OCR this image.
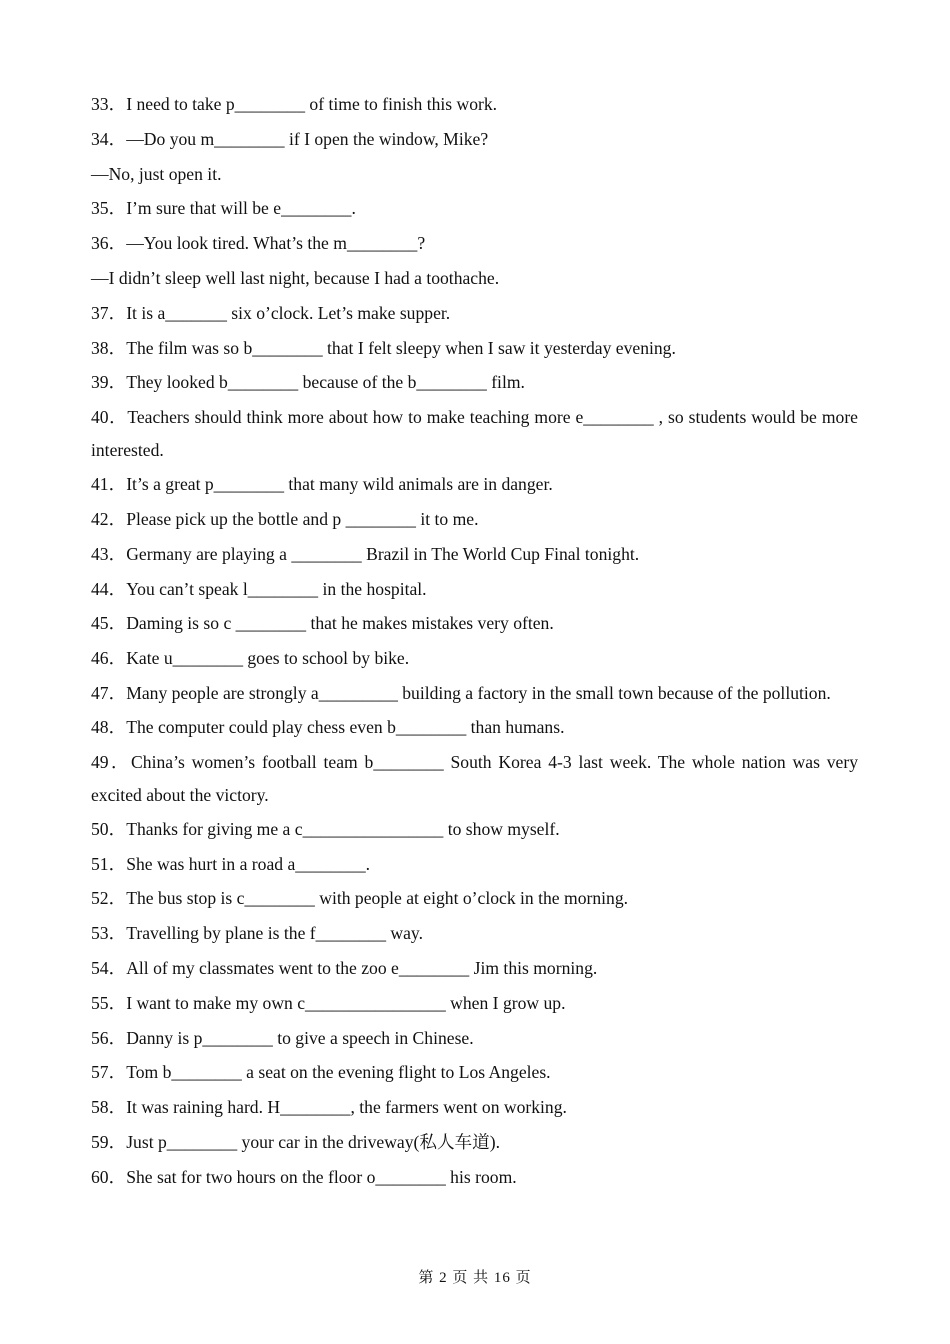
33．I need to take p________ of time to finish this work.
34．—Do you m________ if I open the window, Mike?
—No, just open it.
35．I’m sure that will be e________.
36．—You look tired. What’s the m________?
—I didn’t sleep well last night, because I had a toothache.
37．It is a_______ six o’clock. Let’s make supper.
38．The film was so b________ that I felt sleepy when I saw it yesterday evening.
39．They looked b________ because of the b________ film.
40．Teachers should think more about how to make teaching more e________ , so students would be more interested.
41．It’s a great p________ that many wild animals are in danger.
42．Please pick up the bottle and p ________ it to me.
43．Germany are playing a ________ Brazil in The World Cup Final tonight.
44．You can’t speak l________ in the hospital.
45．Daming is so c ________ that he makes mistakes very often.
46．Kate u________ goes to school by bike.
47．Many people are strongly a_________ building a factory in the small town because of the pollution.
48．The computer could play chess even b________ than humans.
49．China’s women’s football team b________ South Korea 4-3 last week. The whole nation was very excited about the victory.
50．Thanks for giving me a c________________ to show myself.
51．She was hurt in a road a________.
52．The bus stop is c________ with people at eight o’clock in the morning.
53．Travelling by plane is the f________ way.
54．All of my classmates went to the zoo e________ Jim this morning.
55．I want to make my own c________________ when I grow up.
56．Danny is p________ to give a speech in Chinese.
57．Tom b________ a seat on the evening flight to Los Angeles.
58．It was raining hard. H________, the farmers went on working.
59．Just p________ your car in the driveway(私人车道).
60．She sat for two hours on the floor o________ his room.
第 2 页 共 16 页
